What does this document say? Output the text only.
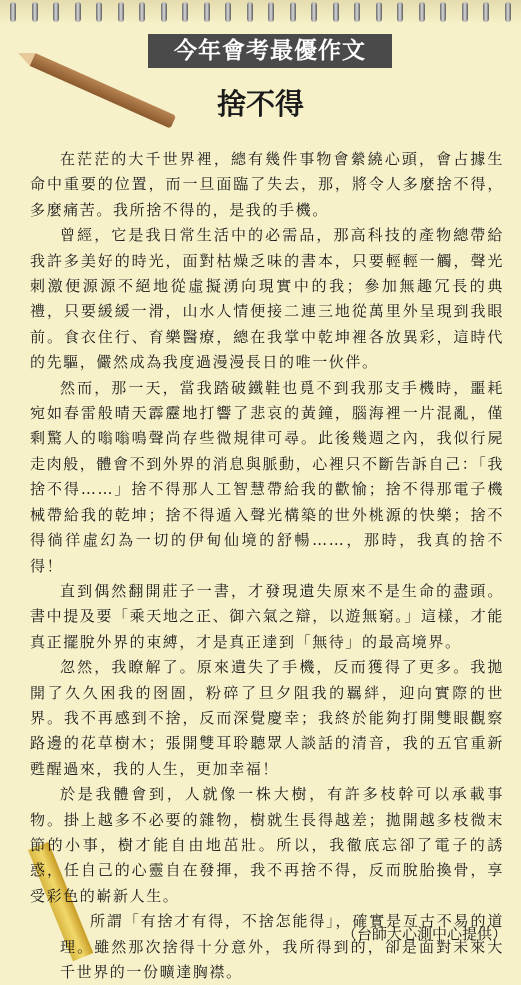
今年會考最優作文
捨不得

在茫茫的大千世界裡，總有幾件事物會縈繞心頭，會占據生命中重要的位置，而一旦面臨了失去，那，將令人多麼捨不得，多麼痛苦。我所捨不得的，是我的手機。

曾經，它是我日常生活中的必需品，那高科技的產物總帶給我許多美好的時光，面對枯燥乏味的書本，只要輕輕一觸，聲光刺激便源源不絕地從虛擬湧向現實中的我；參加無趣冗長的典禮，只要緩緩一滑，山水人情便接二連三地從萬里外呈現到我眼前。食衣住行、育樂醫療，總在我掌中乾坤裡各放異彩，這時代的先驅，儼然成為我度過漫漫長日的唯一伙伴。

然而，那一天，當我踏破鐵鞋也覓不到我那支手機時，噩耗宛如春雷般晴天霹靂地打響了悲哀的黃鐘，腦海裡一片混亂，僅剩驚人的嗡嗡鳴聲尚存些微規律可尋。此後幾週之內，我似行屍走肉般，體會不到外界的消息與脈動，心裡只不斷告訴自己：「我捨不得……」捨不得那人工智慧帶給我的歡愉；捨不得那電子機械帶給我的乾坤；捨不得遁入聲光構築的世外桃源的快樂；捨不得徜徉虛幻為一切的伊甸仙境的舒暢……，那時，我真的捨不得！

直到偶然翻開莊子一書，才發現遺失原來不是生命的盡頭。書中提及要「乘天地之正、御六氣之辯，以遊無窮。」這樣，才能真正擺脫外界的束縛，才是真正達到「無待」的最高境界。

忽然，我瞭解了。原來遺失了手機，反而獲得了更多。我拋開了久久困我的囹圄，粉碎了旦夕阻我的羈絆，迎向實際的世界。我不再感到不捨，反而深覺慶幸；我終於能夠打開雙眼觀察路邊的花草樹木；張開雙耳聆聽眾人談話的清音，我的五官重新甦醒過來，我的人生，更加幸福！

於是我體會到，人就像一株大樹，有許多枝幹可以承載事物。掛上越多不必要的雜物，樹就生長得越差；拋開越多枝微末節的小事，樹才能自由地茁壯。所以，我徹底忘卻了電子的誘惑，任自己的心靈自在發揮，我不再捨不得，反而脫胎換骨，享受彩色的嶄新人生。

所謂「有捨才有得，不捨怎能得」，確實是亙古不易的道理。雖然那次捨得十分意外，我所得到的，卻是面對未來大千世界的一份曠達胸襟。

（台師大心測中心提供）
